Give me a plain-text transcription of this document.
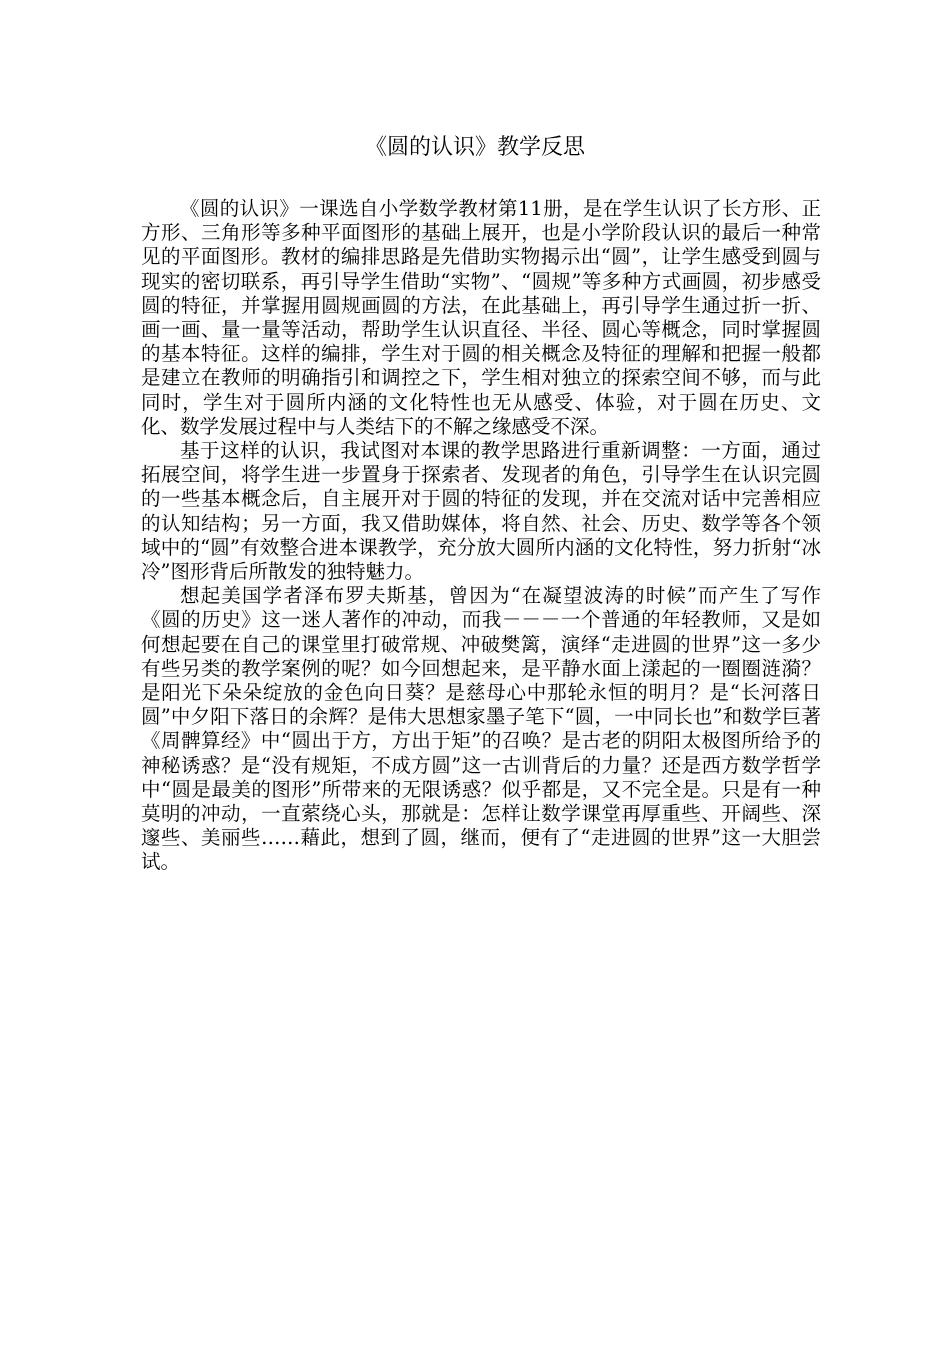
《圆的认识》教学反思

《圆的认识》一课选自小学数学教材第11册，是在学生认识了长方形、正方形、三角形等多种平面图形的基础上展开，也是小学阶段认识的最后一种常见的平面图形。教材的编排思路是先借助实物揭示出“圆”，让学生感受到圆与现实的密切联系，再引导学生借助“实物”、“圆规”等多种方式画圆，初步感受圆的特征，并掌握用圆规画圆的方法，在此基础上，再引导学生通过折一折、画一画、量一量等活动，帮助学生认识直径、半径、圆心等概念，同时掌握圆的基本特征。这样的编排，学生对于圆的相关概念及特征的理解和把握一般都是建立在教师的明确指引和调控之下，学生相对独立的探索空间不够，而与此同时，学生对于圆所内涵的文化特性也无从感受、体验，对于圆在历史、文化、数学发展过程中与人类结下的不解之缘感受不深。

基于这样的认识，我试图对本课的教学思路进行重新调整：一方面，通过拓展空间，将学生进一步置身于探索者、发现者的角色，引导学生在认识完圆的一些基本概念后，自主展开对于圆的特征的发现，并在交流对话中完善相应的认知结构；另一方面，我又借助媒体，将自然、社会、历史、数学等各个领域中的“圆”有效整合进本课教学，充分放大圆所内涵的文化特性，努力折射“冰冷”图形背后所散发的独特魅力。

想起美国学者泽布罗夫斯基，曾因为“在凝望波涛的时候”而产生了写作《圆的历史》这一迷人著作的冲动，而我－－－一个普通的年轻教师，又是如何想起要在自己的课堂里打破常规、冲破樊篱，演绎“走进圆的世界”这一多少有些另类的教学案例的呢？如今回想起来，是平静水面上漾起的一圈圈涟漪？是阳光下朵朵绽放的金色向日葵？是慈母心中那轮永恒的明月？是“长河落日圆”中夕阳下落日的余辉？是伟大思想家墨子笔下“圆，一中同长也”和数学巨著《周髀算经》中“圆出于方，方出于矩”的召唤？是古老的阴阳太极图所给予的神秘诱惑？是“没有规矩，不成方圆”这一古训背后的力量？还是西方数学哲学中“圆是最美的图形”所带来的无限诱惑？似乎都是，又不完全是。只是有一种莫明的冲动，一直萦绕心头，那就是：怎样让数学课堂再厚重些、开阔些、深邃些、美丽些……藉此，想到了圆，继而，便有了“走进圆的世界”这一大胆尝试。
